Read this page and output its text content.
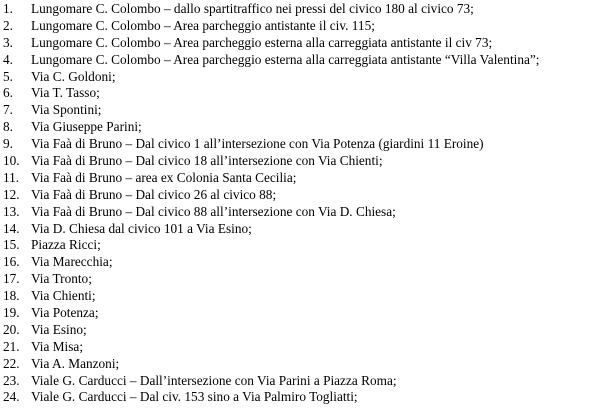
1. Lungomare C. Colombo – dallo spartitraffico nei pressi del civico 180 al civico 73;
2. Lungomare C. Colombo – Area parcheggio antistante il civ. 115;
3. Lungomare C. Colombo – Area parcheggio esterna alla carreggiata antistante il civ 73;
4. Lungomare C. Colombo – Area parcheggio esterna alla carreggiata antistante “Villa Valentina”;
5. Via C. Goldoni;
6. Via T. Tasso;
7. Via Spontini;
8. Via Giuseppe Parini;
9. Via Faà di Bruno – Dal civico 1 all’intersezione con Via Potenza (giardini 11 Eroine)
10. Via Faà di Bruno – Dal civico 18 all’intersezione con Via Chienti;
11. Via Faà di Bruno – area ex Colonia Santa Cecilia;
12. Via Faà di Bruno – Dal civico 26 al civico 88;
13. Via Faà di Bruno – Dal civico 88 all’intersezione con Via D. Chiesa;
14. Via D. Chiesa dal civico 101 a Via Esino;
15. Piazza Ricci;
16. Via Marecchia;
17. Via Tronto;
18. Via Chienti;
19. Via Potenza;
20. Via Esino;
21. Via Misa;
22. Via A. Manzoni;
23. Viale G. Carducci – Dall’intersezione con Via Parini a Piazza Roma;
24. Viale G. Carducci – Dal civ. 153 sino a Via Palmiro Togliatti;
